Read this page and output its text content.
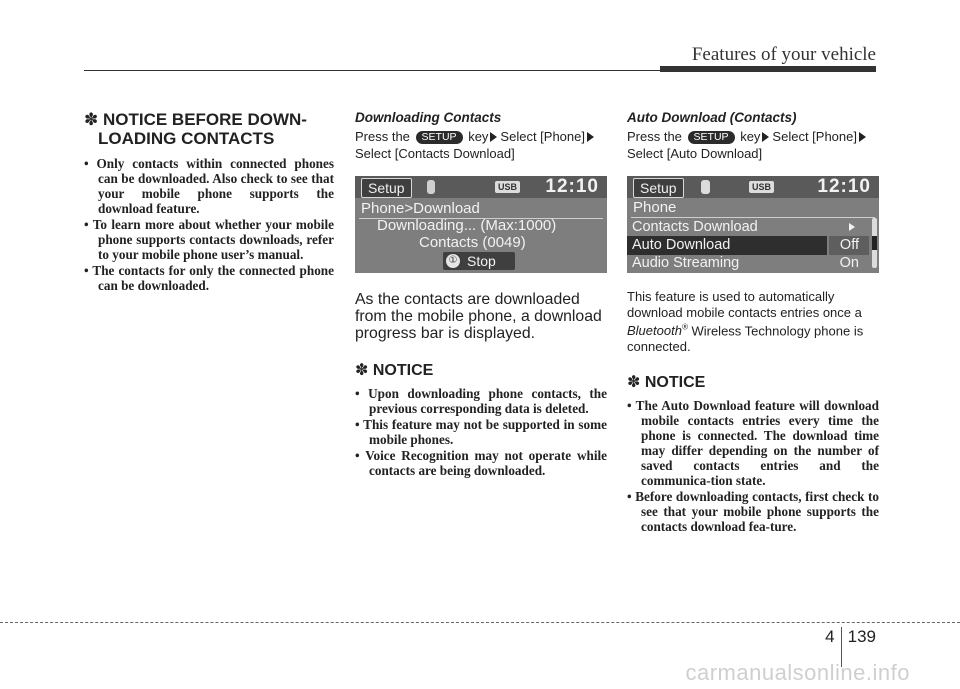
Features of your vehicle
✽ NOTICE BEFORE DOWN-
LOADING CONTACTS
• Only contacts within connected phones can be downloaded. Also check to see that your mobile phone supports the download feature.
• To learn more about whether your mobile phone supports contacts downloads, refer to your mobile phone user’s manual.
• The contacts for only the connected phone can be downloaded.
Downloading Contacts
Press the SETUP key Select [Phone]
Select [Contacts Download]
Setup	USB 12:10
Phone>Download
Downloading... (Max:1000)
Contacts (0049)
① Stop
As the contacts are downloaded from the mobile phone, a download progress bar is displayed.
✽ NOTICE
• Upon downloading phone contacts, the previous corresponding data is deleted.
• This feature may not be supported in some mobile phones.
• Voice Recognition may not operate while contacts are being downloaded.
Auto Download (Contacts)
Press the SETUP key Select [Phone]
Select [Auto Download]
Setup	USB 12:10
Phone
Contacts Download
Auto Download	Off
Audio Streaming	On
This feature is used to automatically download mobile contacts entries once a Bluetooth® Wireless Technology phone is connected.
✽ NOTICE
• The Auto Download feature will download mobile contacts entries every time the phone is connected. The download time may differ depending on the number of saved contacts entries and the communica-tion state.
• Before downloading contacts, first check to see that your mobile phone supports the contacts download fea-ture.
4 139
carmanualsonline.info
